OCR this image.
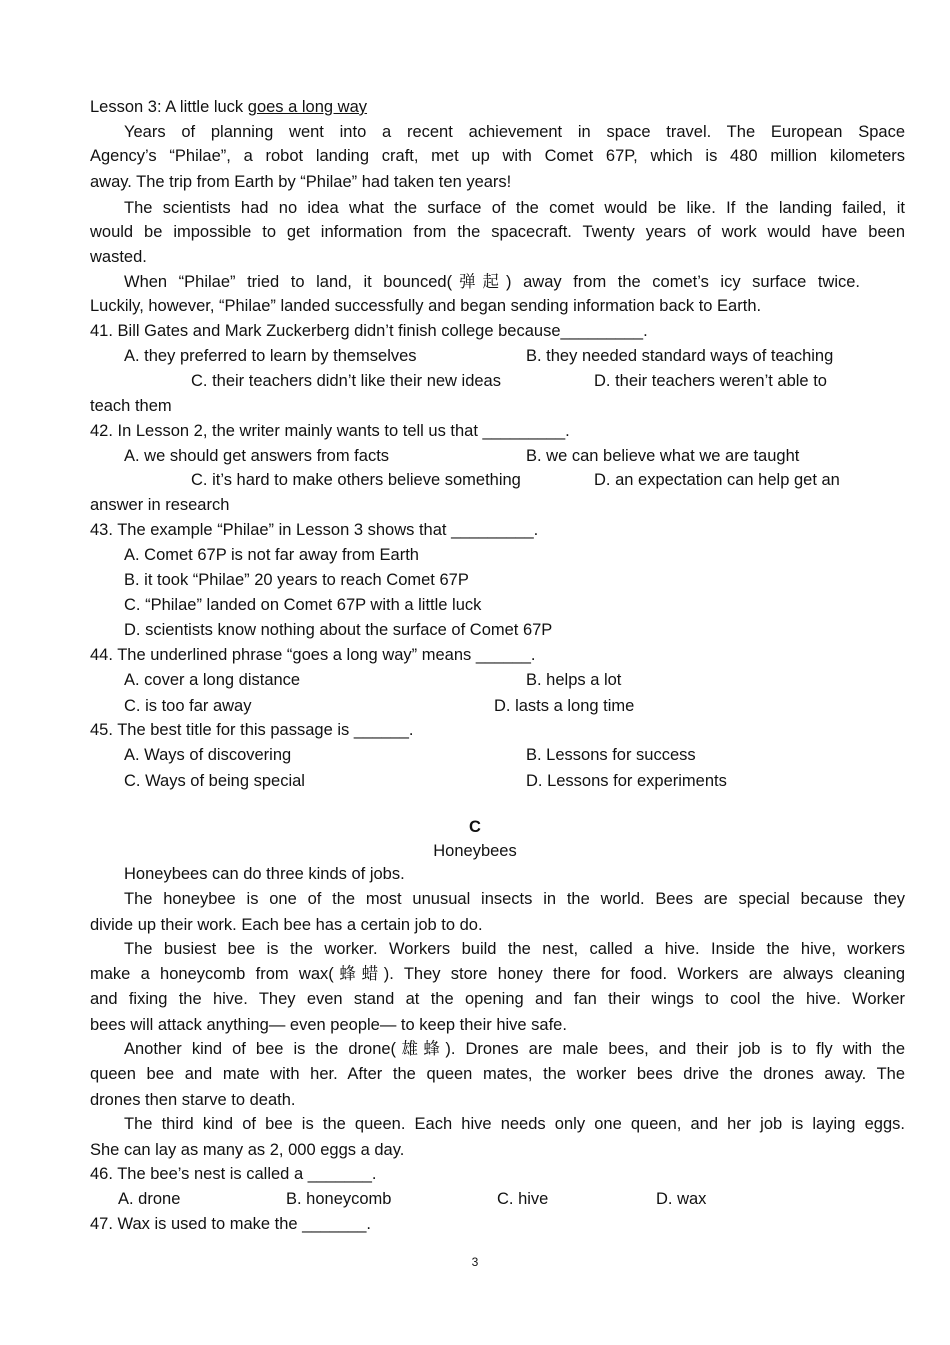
Lesson 3: A little luck goes a long way
Years of planning went into a recent achievement in space travel. The European Space
Agency’s “Philae”, a robot landing craft, met up with Comet 67P, which is 480 million kilometers
away. The trip from Earth by “Philae” had taken ten years!
The scientists had no idea what the surface of the comet would be like. If the landing failed, it
would be impossible to get information from the spacecraft. Twenty years of work would have been
wasted.
When “Philae” tried to land, it bounced(弹起) away from the comet’s icy surface twice.
Luckily, however, “Philae” landed successfully and began sending information back to Earth.
41. Bill Gates and Mark Zuckerberg didn’t finish college because_________.
A. they preferred to learn by themselves	B. they needed standard ways of teaching
C. their teachers didn’t like their new ideas	D. their teachers weren’t able to
teach them
42. In Lesson 2, the writer mainly wants to tell us that _________.
A. we should get answers from facts	B. we can believe what we are taught
C. it’s hard to make others believe something	D. an expectation can help get an
answer in research
43. The example “Philae” in Lesson 3 shows that _________.
A. Comet 67P is not far away from Earth
B. it took “Philae” 20 years to reach Comet 67P
C. “Philae” landed on Comet 67P with a little luck
D. scientists know nothing about the surface of Comet 67P
44. The underlined phrase “goes a long way” means ______.
A. cover a long distance	B. helps a lot
C. is too far away	D. lasts a long time
45. The best title for this passage is ______.
A. Ways of discovering	B. Lessons for success
C. Ways of being special	D. Lessons for experiments
C
Honeybees
Honeybees can do three kinds of jobs.
The honeybee is one of the most unusual insects in the world. Bees are special because they
divide up their work. Each bee has a certain job to do.
The busiest bee is the worker. Workers build the nest, called a hive. Inside the hive, workers
make a honeycomb from wax(蜂蜡). They store honey there for food. Workers are always cleaning
and fixing the hive. They even stand at the opening and fan their wings to cool the hive. Worker
bees will attack anything— even people— to keep their hive safe.
Another kind of bee is the drone(雄蜂). Drones are male bees, and their job is to fly with the
queen bee and mate with her. After the queen mates, the worker bees drive the drones away. The
drones then starve to death.
The third kind of bee is the queen. Each hive needs only one queen, and her job is laying eggs.
She can lay as many as 2, 000 eggs a day.
46. The bee’s nest is called a _______.
A. drone	B. honeycomb	C. hive	D. wax
47. Wax is used to make the _______.
3
